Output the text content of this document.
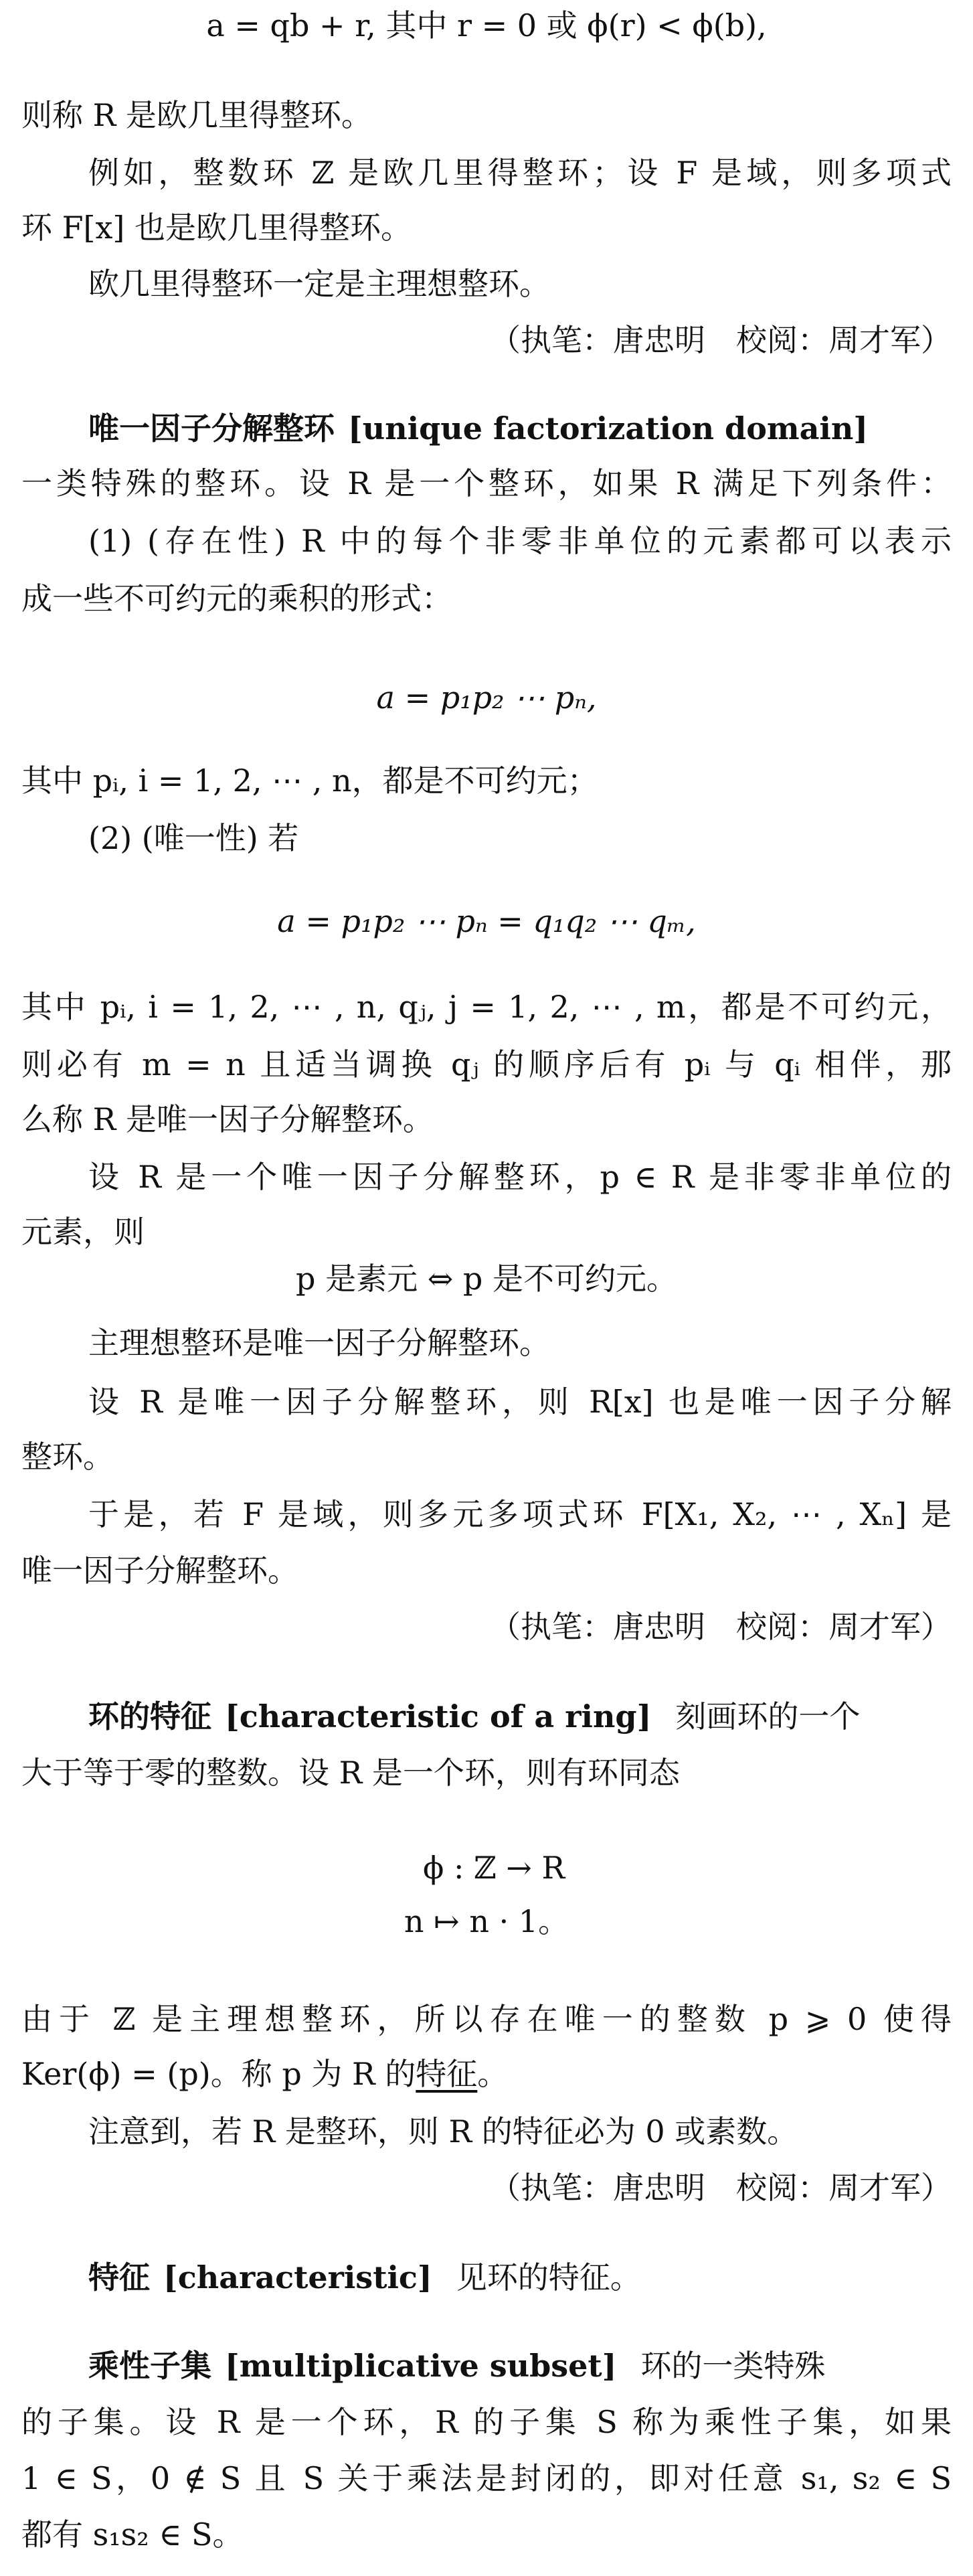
a = qb + r, 其中 r = 0 或 ϕ(r) < ϕ(b),
则称 R 是欧几里得整环。
例如，整数环 ℤ 是欧几里得整环；设 F 是域，则多项式
环 F[x] 也是欧几里得整环。
欧几里得整环一定是主理想整环。
（执笔：唐忠明　校阅：周才军）
唯一因子分解整环 [unique factorization domain]
一类特殊的整环。设 R 是一个整环，如果 R 满足下列条件：
(1) (存在性) R 中的每个非零非单位的元素都可以表示
成一些不可约元的乘积的形式：
a = p₁p₂ ⋯ pₙ,
其中 pᵢ, i = 1, 2, ⋯ , n，都是不可约元；
(2) (唯一性) 若
a = p₁p₂ ⋯ pₙ = q₁q₂ ⋯ qₘ,
其中 pᵢ, i = 1, 2, ⋯ , n, qⱼ, j = 1, 2, ⋯ , m，都是不可约元，
则必有 m = n 且适当调换 qⱼ 的顺序后有 pᵢ 与 qᵢ 相伴，那
么称 R 是唯一因子分解整环。
设 R 是一个唯一因子分解整环，p ∈ R 是非零非单位的
元素，则
p 是素元 ⇔ p 是不可约元。
主理想整环是唯一因子分解整环。
设 R 是唯一因子分解整环，则 R[x] 也是唯一因子分解
整环。
于是，若 F 是域，则多元多项式环 F[X₁, X₂, ⋯ , Xₙ] 是
唯一因子分解整环。
（执笔：唐忠明　校阅：周才军）
环的特征 [characteristic of a ring] 刻画环的一个
大于等于零的整数。设 R 是一个环，则有环同态
ϕ : ℤ → R
n ↦ n · 1。
由于 ℤ 是主理想整环，所以存在唯一的整数 p ⩾ 0 使得
Ker(ϕ) = (p)。称 p 为 R 的特征。
注意到，若 R 是整环，则 R 的特征必为 0 或素数。
（执笔：唐忠明　校阅：周才军）
特征 [characteristic] 见环的特征。
乘性子集 [multiplicative subset] 环的一类特殊
的子集。设 R 是一个环，R 的子集 S 称为乘性子集，如果
1 ∈ S，0 ∉ S 且 S 关于乘法是封闭的，即对任意 s₁, s₂ ∈ S
都有 s₁s₂ ∈ S。
